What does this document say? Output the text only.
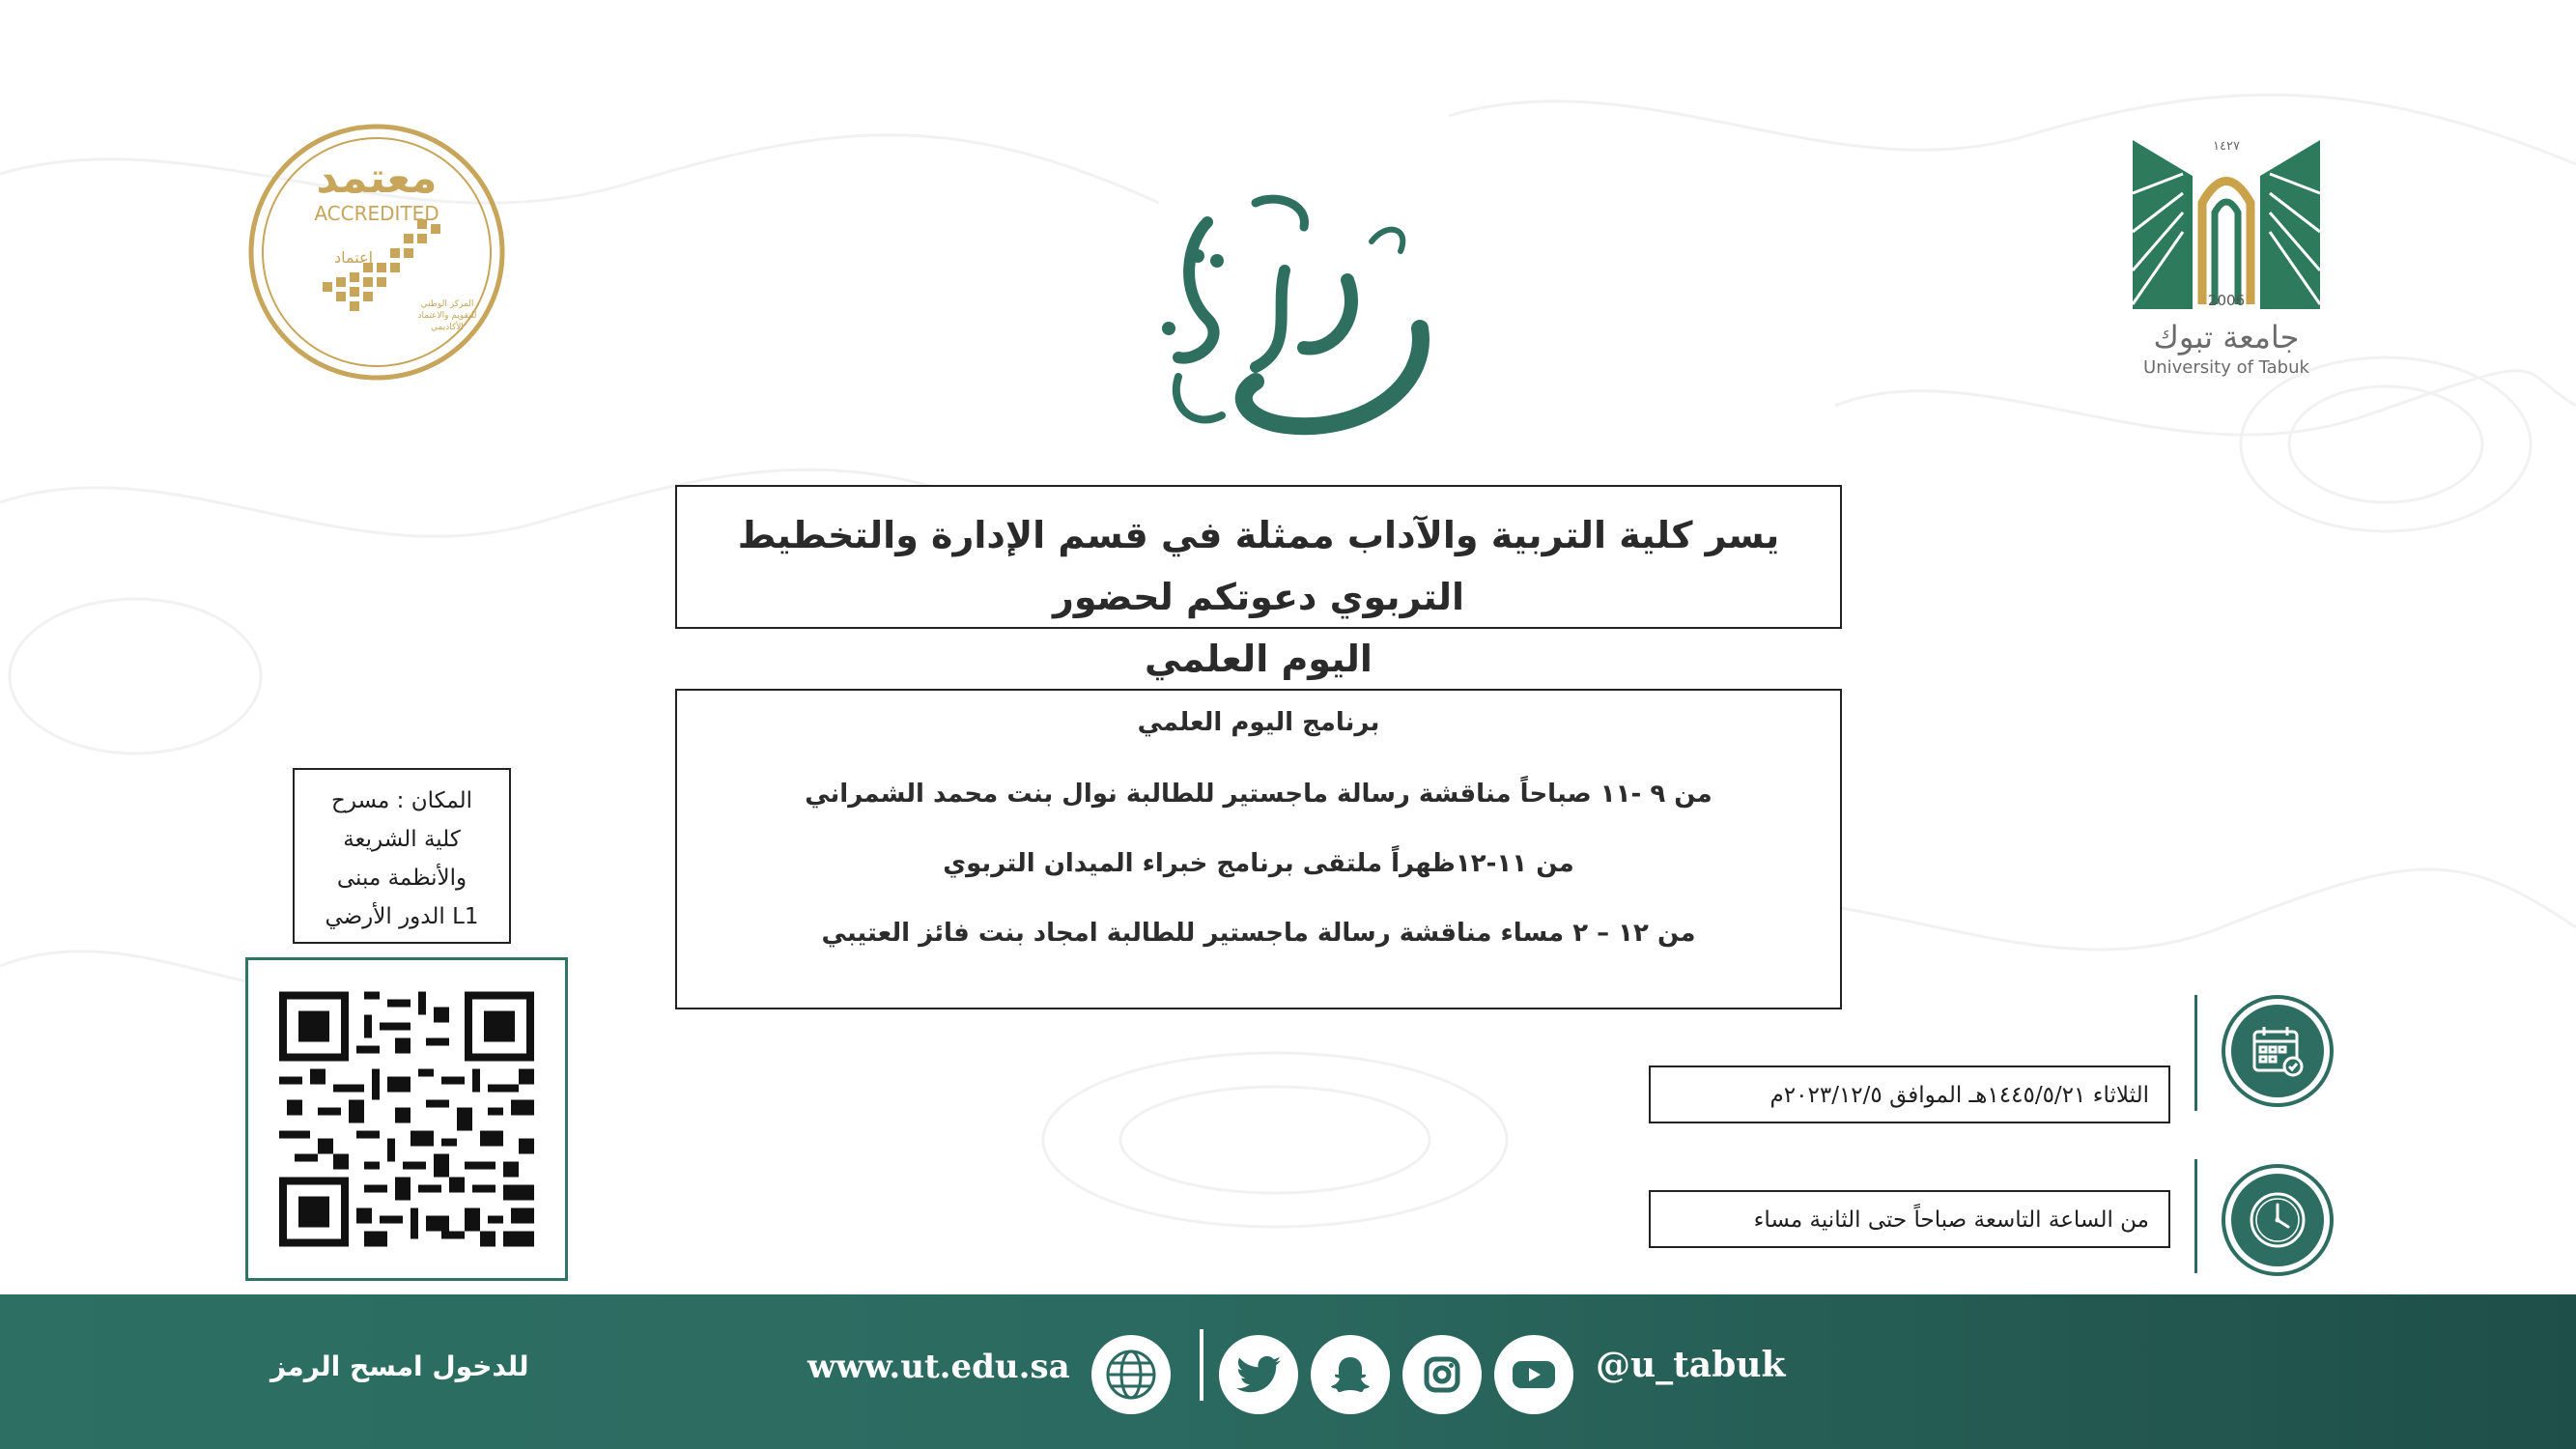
١٤٢٧
2006
جامعة تبوك
University of Tabuk
معتمد
ACCREDITED
اعتماد
المركز الوطني للتقويم والاعتماد الأكاديمي
يسر كلية التربية والآداب ممثلة في قسم الإدارة والتخطيط التربوي دعوتكم لحضور
اليوم العلمي
برنامج اليوم العلمي
من ٩ -١١ صباحاً مناقشة رسالة ماجستير للطالبة نوال بنت محمد الشمراني
من ١١-١٢ظهراً ملتقى برنامج خبراء الميدان التربوي
من ١٢ – ٢ مساء مناقشة رسالة ماجستير للطالبة امجاد بنت فائز العتيبي
المكان : مسرح
كلية الشريعة
والأنظمة مبنى
L1 الدور الأرضي
الثلاثاء ١٤٤٥/٥/٢١هـ الموافق ٢٠٢٣/١٢/٥م
من الساعة التاسعة صباحاً حتى الثانية مساء
للدخول امسح الرمز	www.ut.edu.sa	@u_tabuk
